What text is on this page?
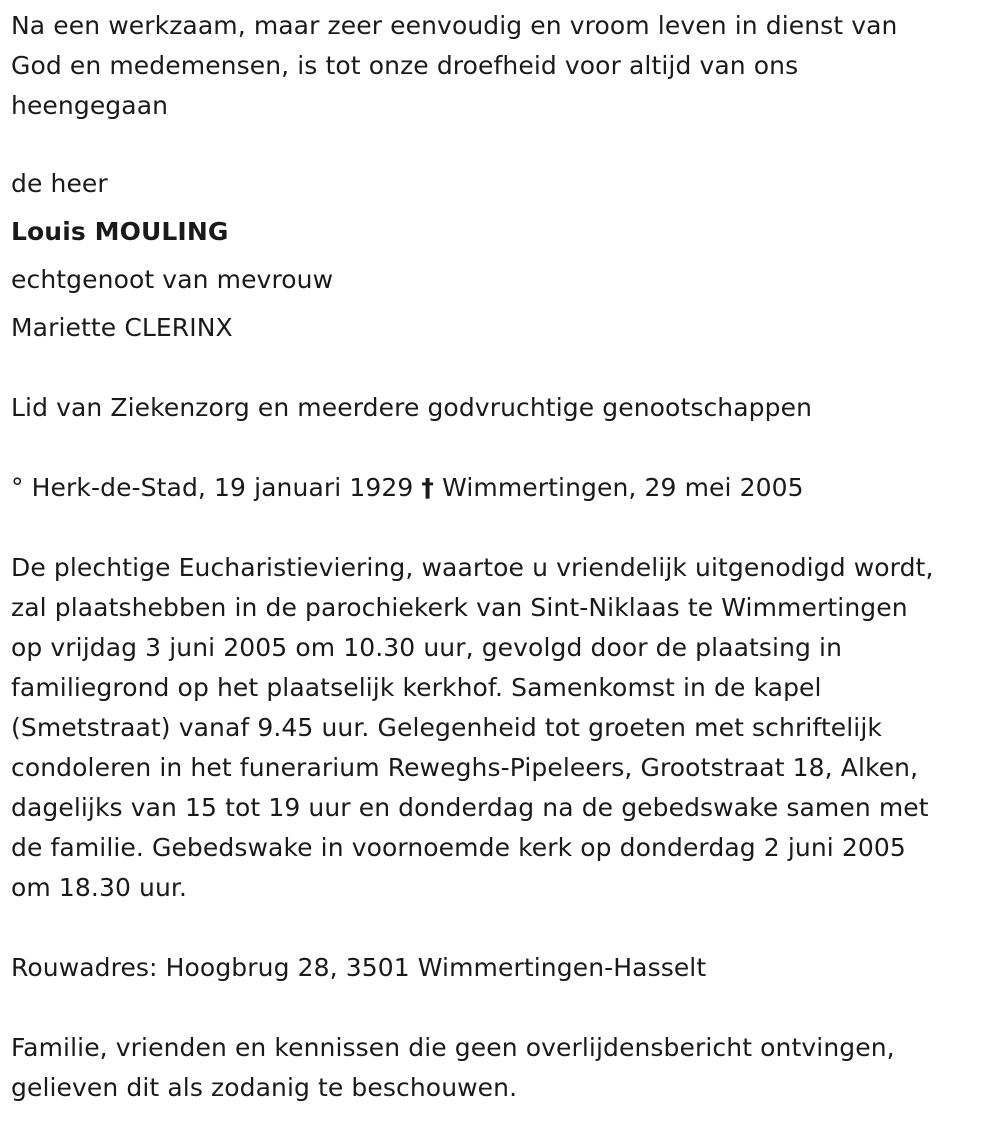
Na een werkzaam, maar zeer eenvoudig en vroom leven in dienst van
God en medemensen, is tot onze droefheid voor altijd van ons
heengegaan

de heer

Louis MOULING

echtgenoot van mevrouw

Mariette CLERINX

Lid van Ziekenzorg en meerdere godvruchtige genootschappen

° Herk-de-Stad, 19 januari 1929 † Wimmertingen, 29 mei 2005

De plechtige Eucharistieviering, waartoe u vriendelijk uitgenodigd wordt,
zal plaatshebben in de parochiekerk van Sint-Niklaas te Wimmertingen
op vrijdag 3 juni 2005 om 10.30 uur, gevolgd door de plaatsing in
familiegrond op het plaatselijk kerkhof. Samenkomst in de kapel
(Smetstraat) vanaf 9.45 uur. Gelegenheid tot groeten met schriftelijk
condoleren in het funerarium Reweghs-Pipeleers, Grootstraat 18, Alken,
dagelijks van 15 tot 19 uur en donderdag na de gebedswake samen met
de familie. Gebedswake in voornoemde kerk op donderdag 2 juni 2005
om 18.30 uur.

Rouwadres: Hoogbrug 28, 3501 Wimmertingen-Hasselt

Familie, vrienden en kennissen die geen overlijdensbericht ontvingen,
gelieven dit als zodanig te beschouwen.
